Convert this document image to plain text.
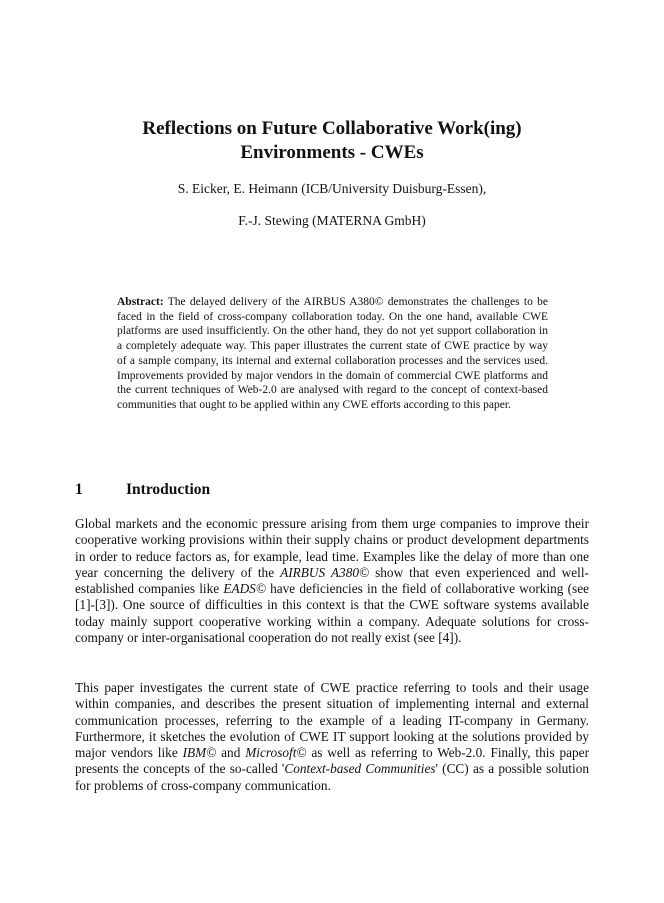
Reflections on Future Collaborative Work(ing)
Environments - CWEs
S. Eicker, E. Heimann (ICB/University Duisburg-Essen),
F.-J. Stewing (MATERNA GmbH)
Abstract: The delayed delivery of the AIRBUS A380© demonstrates the challenges to be faced in the field of cross-company collaboration today. On the one hand, available CWE platforms are used insufficiently. On the other hand, they do not yet support collaboration in a completely adequate way. This paper illustrates the current state of CWE practice by way of a sample company, its internal and external collaboration processes and the services used. Improvements provided by major vendors in the domain of commercial CWE platforms and the current techniques of Web-2.0 are analysed with regard to the concept of context-based communities that ought to be applied within any CWE efforts according to this paper.
1	Introduction
Global markets and the economic pressure arising from them urge companies to improve their cooperative working provisions within their supply chains or product development departments in order to reduce factors as, for example, lead time. Examples like the delay of more than one year concerning the delivery of the AIRBUS A380© show that even experienced and well-established companies like EADS© have deficiencies in the field of collaborative working (see [1]-[3]). One source of difficulties in this context is that the CWE software systems available today mainly support cooperative working within a company. Adequate solutions for cross-company or inter-organisational cooperation do not really exist (see [4]).
This paper investigates the current state of CWE practice referring to tools and their usage within companies, and describes the present situation of implementing internal and external communication processes, referring to the example of a leading IT-company in Germany. Furthermore, it sketches the evolution of CWE IT support looking at the solutions provided by major vendors like IBM© and Microsoft© as well as referring to Web-2.0. Finally, this paper presents the concepts of the so-called 'Context-based Communities' (CC) as a possible solution for problems of cross-company communication.
